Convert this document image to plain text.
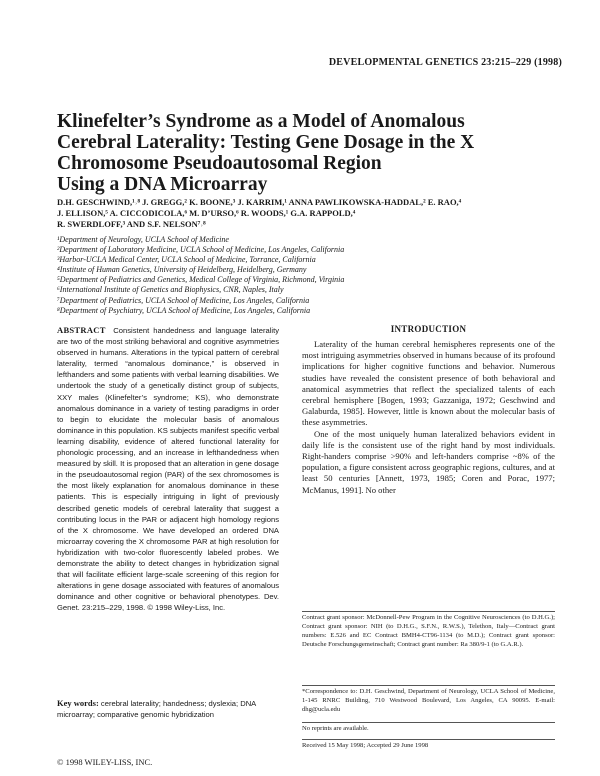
DEVELOPMENTAL GENETICS 23:215–229 (1998)
Klinefelter’s Syndrome as a Model of Anomalous
Cerebral Laterality: Testing Gene Dosage in the X
Chromosome Pseudoautosomal Region
Using a DNA Microarray
D.H. GESCHWIND,¹˒⁸ J. GREGG,² K. BOONE,³ J. KARRIM,¹ ANNA PAWLIKOWSKA-HADDAL,² E. RAO,⁴
J. ELLISON,⁵ A. CICCODICOLA,⁶ M. D’URSO,⁶ R. WOODS,¹ G.A. RAPPOLD,⁴
R. SWERDLOFF,³ AND S.F. NELSON⁷˒⁸
¹Department of Neurology, UCLA School of Medicine
²Department of Laboratory Medicine, UCLA School of Medicine, Los Angeles, California
³Harbor-UCLA Medical Center, UCLA School of Medicine, Torrance, California
⁴Institute of Human Genetics, University of Heidelberg, Heidelberg, Germany
⁵Department of Pediatrics and Genetics, Medical College of Virginia, Richmond, Virginia
⁶International Institute of Genetics and Biophysics, CNR, Naples, Italy
⁷Department of Pediatrics, UCLA School of Medicine, Los Angeles, California
⁸Department of Psychiatry, UCLA School of Medicine, Los Angeles, California
ABSTRACT  Consistent handedness and language laterality are two of the most striking behavioral and cognitive asymmetries observed in humans. Alterations in the typical pattern of cerebral laterality, termed “anomalous dominance,” is observed in lefthanders and some patients with verbal learning disabilities. We undertook the study of a genetically distinct group of subjects, XXY males (Klinefelter’s syndrome; KS), who demonstrate anomalous dominance in a variety of testing paradigms in order to begin to elucidate the molecular basis of anomalous dominance in this population. KS subjects manifest specific verbal learning disability, evidence of altered functional laterality for phonologic processing, and an increase in lefthandedness when measured by skill. It is proposed that an alteration in gene dosage in the pseudoautosomal region (PAR) of the sex chromosomes is the most likely explanation for anomalous dominance in these patients. This is especially intriguing in light of previously described genetic models of cerebral laterality that suggest a contributing locus in the PAR or adjacent high homology regions of the X chromosome. We have developed an ordered DNA microarray covering the X chromosome PAR at high resolution for hybridization with two-color fluorescently labeled probes. We demonstrate the ability to detect changes in hybridization signal that will facilitate efficient large-scale screening of this region for alterations in gene dosage associated with features of anomalous dominance and other cognitive or behavioral phenotypes. Dev. Genet. 23:215–229, 1998. © 1998 Wiley-Liss, Inc.
Key words: cerebral laterality; handedness; dyslexia; DNA microarray; comparative genomic hybridization
© 1998 WILEY-LISS, INC.
INTRODUCTION

Laterality of the human cerebral hemispheres represents one of the most intriguing asymmetries observed in humans because of its profound implications for higher cognitive functions and behavior. Numerous studies have revealed the consistent presence of both behavioral and anatomical asymmetries that reflect the specialized talents of each cerebral hemisphere [Bogen, 1993; Gazzaniga, 1972; Geschwind and Galaburda, 1985]. However, little is known about the molecular basis of these asymmetries.

One of the most uniquely human lateralized behaviors evident in daily life is the consistent use of the right hand by most individuals. Right-handers comprise >90% and left-handers comprise ~8% of the population, a figure consistent across geographic regions, cultures, and at least 50 centuries [Annett, 1973, 1985; Coren and Porac, 1977; McManus, 1991]. No other

Contract grant sponsor: McDonnell-Pew Program in the Cognitive Neurosciences (to D.H.G.); Contract grant sponsor: NIH (to D.H.G., S.F.N., R.W.S.), Telethon, Italy—Contract grant numbers: E.526 and EC Contract BMH4-CT96-1134 (to M.D.); Contract grant sponsor: Deutsche Forschungsgemeinschaft; Contract grant number: Ra 380/9-1 (to G.A.R.).
*Correspondence to: D.H. Geschwind, Department of Neurology, UCLA School of Medicine, 1-145 RNRC Building, 710 Westwood Boulevard, Los Angeles, CA 90095. E-mail: dhg@ucla.edu
No reprints are available.
Received 15 May 1998; Accepted 29 June 1998
